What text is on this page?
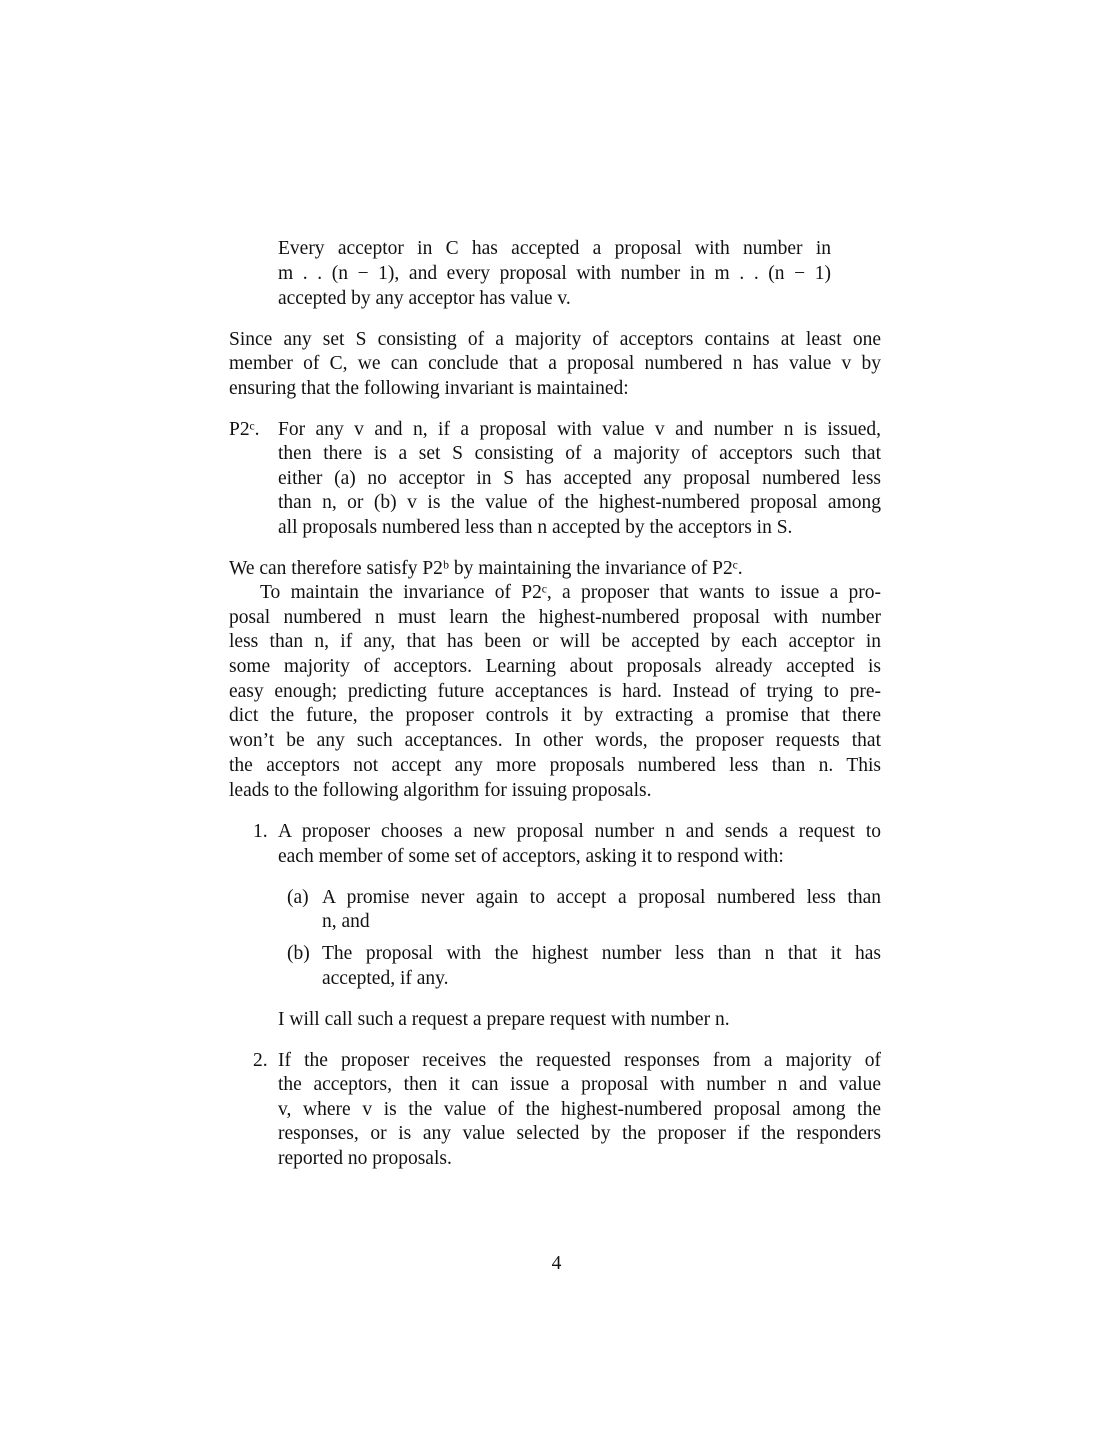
Every acceptor in C has accepted a proposal with number in
m . . (n − 1), and every proposal with number in m . . (n − 1)
accepted by any acceptor has value v.
Since any set S consisting of a majority of acceptors contains at least one
member of C, we can conclude that a proposal numbered n has value v by
ensuring that the following invariant is maintained:
P2ᶜ. For any v and n, if a proposal with value v and number n is issued,
then there is a set S consisting of a majority of acceptors such that
either (a) no acceptor in S has accepted any proposal numbered less
than n, or (b) v is the value of the highest-numbered proposal among
all proposals numbered less than n accepted by the acceptors in S.
We can therefore satisfy P2ᵇ by maintaining the invariance of P2ᶜ.
To maintain the invariance of P2ᶜ, a proposer that wants to issue a pro-
posal numbered n must learn the highest-numbered proposal with number
less than n, if any, that has been or will be accepted by each acceptor in
some majority of acceptors. Learning about proposals already accepted is
easy enough; predicting future acceptances is hard. Instead of trying to pre-
dict the future, the proposer controls it by extracting a promise that there
won’t be any such acceptances. In other words, the proposer requests that
the acceptors not accept any more proposals numbered less than n. This
leads to the following algorithm for issuing proposals.
1. A proposer chooses a new proposal number n and sends a request to
each member of some set of acceptors, asking it to respond with:
(a) A promise never again to accept a proposal numbered less than
n, and
(b) The proposal with the highest number less than n that it has
accepted, if any.
I will call such a request a prepare request with number n.
2. If the proposer receives the requested responses from a majority of
the acceptors, then it can issue a proposal with number n and value
v, where v is the value of the highest-numbered proposal among the
responses, or is any value selected by the proposer if the responders
reported no proposals.
4
